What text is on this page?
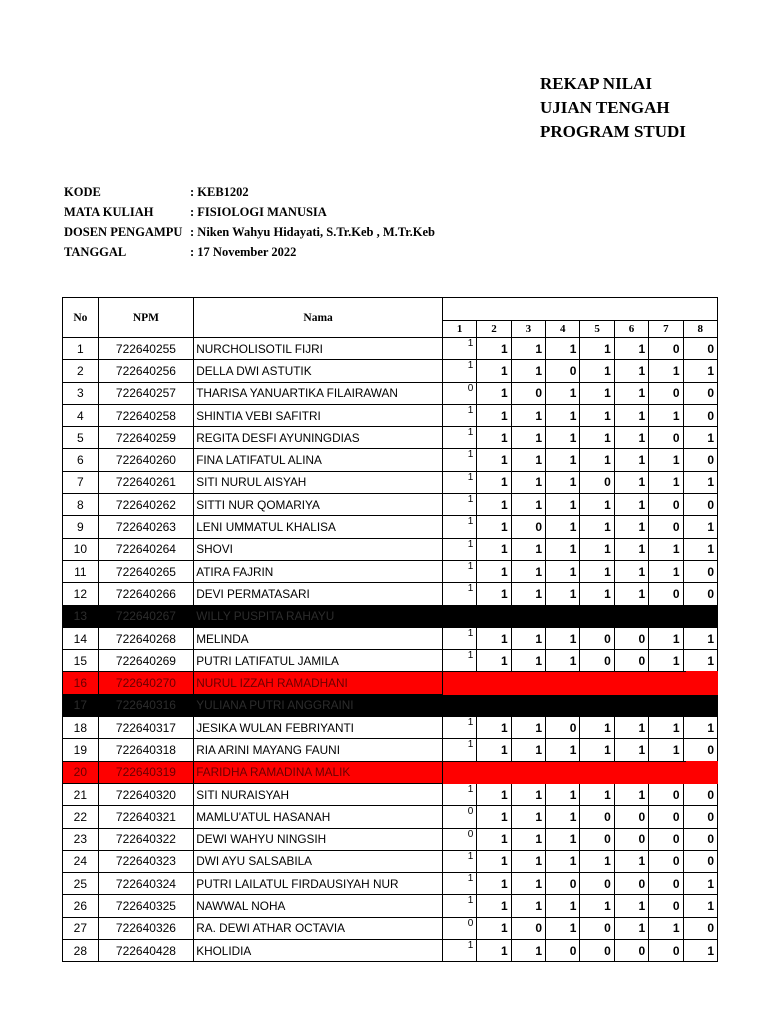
REKAP NILAI
UJIAN TENGAH
PROGRAM STUDI
KODE	: KEB1202
MATA KULIAH	: FISIOLOGI MANUSIA
DOSEN PENGAMPU : Niken Wahyu Hidayati, S.Tr.Keb , M.Tr.Keb
TANGGAL	: 17 November 2022
No	NPM	Nama								
			1	2	3	4	5	6	7	8
1	722640255	NURCHOLISOTIL FIJRI	1	1	1	1	1	1	0	0
2	722640256	DELLA DWI ASTUTIK	1	1	1	0	1	1	1	1
3	722640257	THARISA YANUARTIKA FILAIRAWAN	0	1	0	1	1	1	0	0
4	722640258	SHINTIA VEBI SAFITRI	1	1	1	1	1	1	1	0
5	722640259	REGITA DESFI AYUNINGDIAS	1	1	1	1	1	1	0	1
6	722640260	FINA LATIFATUL ALINA	1	1	1	1	1	1	1	0
7	722640261	SITI NURUL AISYAH	1	1	1	1	0	1	1	1
8	722640262	SITTI NUR QOMARIYA	1	1	1	1	1	1	0	0
9	722640263	LENI UMMATUL KHALISA	1	1	0	1	1	1	0	1
10	722640264	SHOVI	1	1	1	1	1	1	1	1
11	722640265	ATIRA FAJRIN	1	1	1	1	1	1	1	0
12	722640266	DEVI PERMATASARI	1	1	1	1	1	1	0	0
13	722640267	WILLY PUSPITA RAHAYU								
14	722640268	MELINDA	1	1	1	1	0	0	1	1
15	722640269	PUTRI LATIFATUL JAMILA	1	1	1	1	0	0	1	1
16	722640270	NURUL IZZAH RAMADHANI								
17	722640316	YULIANA PUTRI ANGGRAINI								
18	722640317	JESIKA WULAN FEBRIYANTI	1	1	1	0	1	1	1	1
19	722640318	RIA ARINI MAYANG FAUNI	1	1	1	1	1	1	1	0
20	722640319	FARIDHA RAMADINA MALIK								
21	722640320	SITI NURAISYAH	1	1	1	1	1	1	0	0
22	722640321	MAMLU'ATUL HASANAH	0	1	1	1	0	0	0	0
23	722640322	DEWI WAHYU NINGSIH	0	1	1	1	0	0	0	0
24	722640323	DWI AYU SALSABILA	1	1	1	1	1	1	0	0
25	722640324	PUTRI LAILATUL FIRDAUSIYAH NUR	1	1	1	0	0	0	0	1
26	722640325	NAWWAL NOHA	1	1	1	1	1	1	0	1
27	722640326	RA. DEWI ATHAR OCTAVIA	0	1	0	1	0	1	1	0
28	722640428	KHOLIDIA	1	1	1	0	0	0	0	1
